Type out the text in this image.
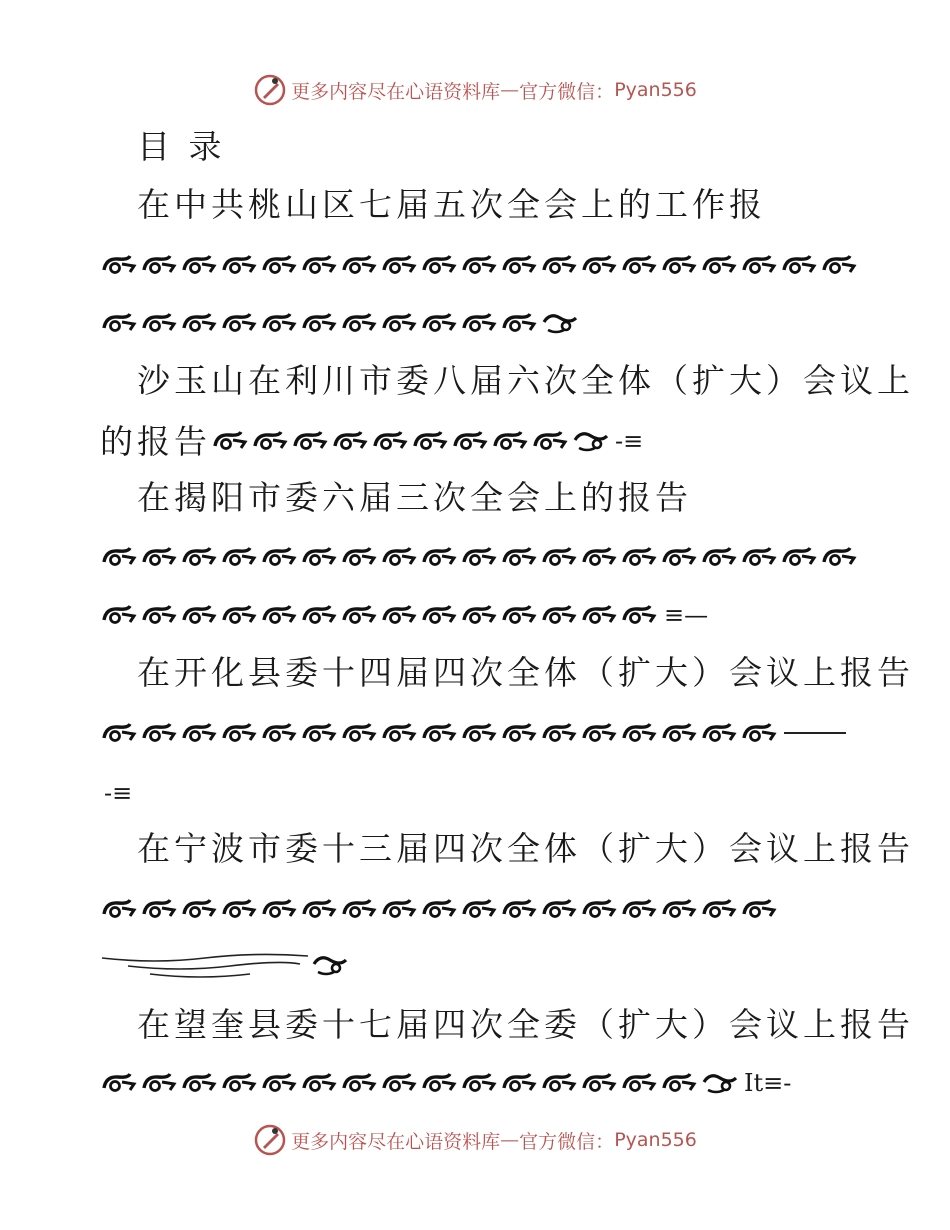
更多内容尽在心语资料库 — 官方微信： Pyan556
目 录
在中共桃山区七届五次全会上的工作报
沙玉山在利川市委八届六次全体（扩大）会议上
的报告	-≡
在揭阳市委六届三次全会上的报告
≡—
在开化县委十四届四次全体（扩大）会议上报告
在宁波市委十三届四次全体（扩大）会议上报告
在望奎县委十七届四次全委（扩大）会议上报告
It≡-
更多内容尽在心语资料库 — 官方微信： Pyan556
-≡
